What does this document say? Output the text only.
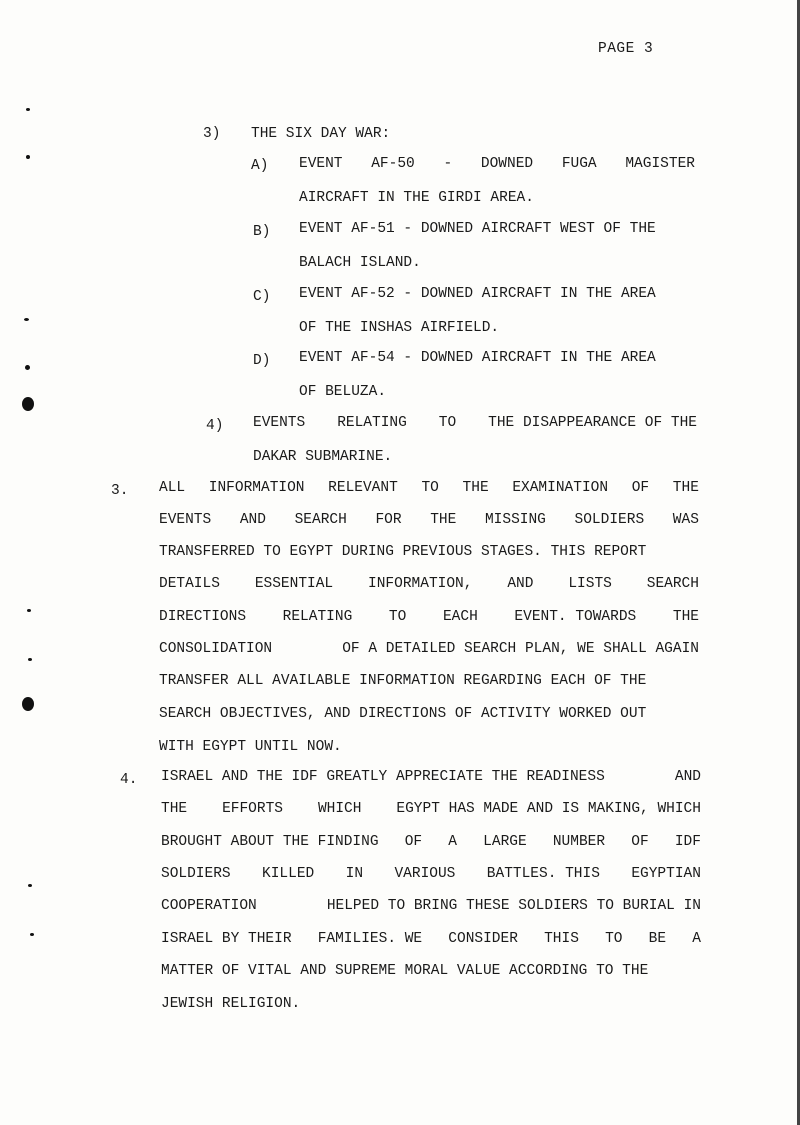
PAGE 3
3) THE SIX DAY WAR:
A) EVENT AF-50 - DOWNED FUGA MAGISTER
AIRCRAFT IN THE GIRDI AREA.
B) EVENT AF-51 - DOWNED AIRCRAFT WEST OF THE
BALACH ISLAND.
C) EVENT AF-52 - DOWNED AIRCRAFT IN THE AREA
OF THE INSHAS AIRFIELD.
D) EVENT AF-54 - DOWNED AIRCRAFT IN THE AREA
OF BELUZA.
4) EVENTS RELATING TO THE DISAPPEARANCE OF THE
DAKAR SUBMARINE.
3. ALL INFORMATION RELEVANT TO THE EXAMINATION OF THE
EVENTS AND SEARCH FOR THE MISSING SOLDIERS WAS
TRANSFERRED TO EGYPT DURING PREVIOUS STAGES. THIS REPORT
DETAILS ESSENTIAL INFORMATION, AND LISTS SEARCH
DIRECTIONS	RELATING	TO	EACH	EVENT. TOWARDS	THE
CONSOLIDATION	OF A DETAILED SEARCH PLAN, WE SHALL AGAIN
TRANSFER ALL AVAILABLE INFORMATION REGARDING EACH OF THE
SEARCH OBJECTIVES, AND DIRECTIONS OF ACTIVITY WORKED OUT
WITH EGYPT UNTIL NOW.
4. ISRAEL AND THE IDF GREATLY APPRECIATE THE READINESS	AND
THE EFFORTS WHICH EGYPT HAS MADE AND IS MAKING, WHICH
BROUGHT ABOUT THE FINDING OF A LARGE NUMBER OF IDF
SOLDIERS KILLED IN VARIOUS BATTLES. THIS EGYPTIAN
COOPERATION	HELPED TO BRING THESE SOLDIERS TO BURIAL IN
ISRAEL BY THEIR FAMILIES. WE CONSIDER THIS TO BE A
MATTER OF VITAL AND SUPREME MORAL VALUE ACCORDING TO THE
JEWISH RELIGION.
